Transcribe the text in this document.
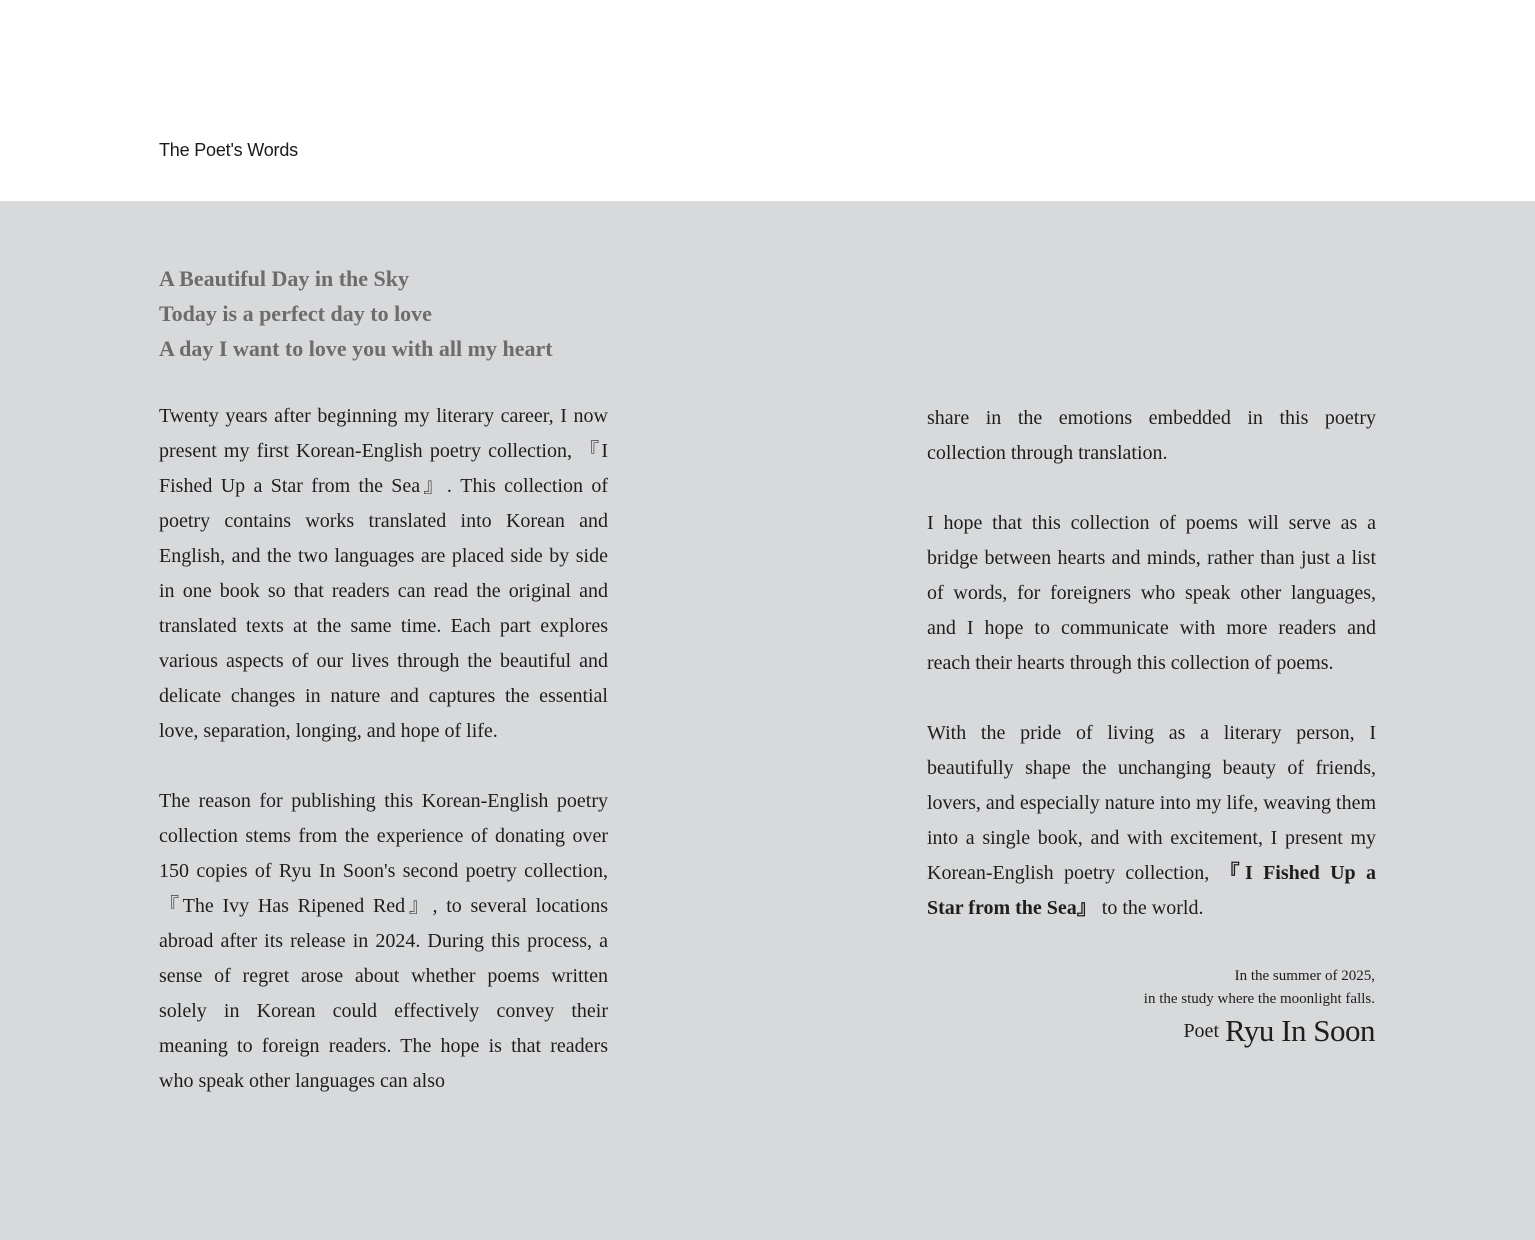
The Poet's Words
A Beautiful Day in the Sky
Today is a perfect day to love
A day I want to love you with all my heart

Twenty years after beginning my literary career, I now present my first Korean-English poetry collection, 『I Fished Up a Star from the Sea』. This collection of poetry contains works translated into Korean and English, and the two languages are placed side by side in one book so that readers can read the original and translated texts at the same time. Each part explores various aspects of our lives through the beautiful and delicate changes in nature and captures the essential love, separation, longing, and hope of life.

The reason for publishing this Korean-English poetry collection stems from the experience of donating over 150 copies of Ryu In Soon's second poetry collection, 『The Ivy Has Ripened Red』, to several locations abroad after its release in 2024. During this process, a sense of regret arose about whether poems written solely in Korean could effectively convey their meaning to foreign readers. The hope is that readers who speak other languages can also

share in the emotions embedded in this poetry collection through translation.

I hope that this collection of poems will serve as a bridge between hearts and minds, rather than just a list of words, for foreigners who speak other languages, and I hope to communicate with more readers and reach their hearts through this collection of poems.

With the pride of living as a literary person, I beautifully shape the unchanging beauty of friends, lovers, and especially nature into my life, weaving them into a single book, and with excitement, I present my Korean-English poetry collection, 『I Fished Up a Star from the Sea』 to the world.

In the summer of 2025,
in the study where the moonlight falls.
Poet Ryu In Soon
